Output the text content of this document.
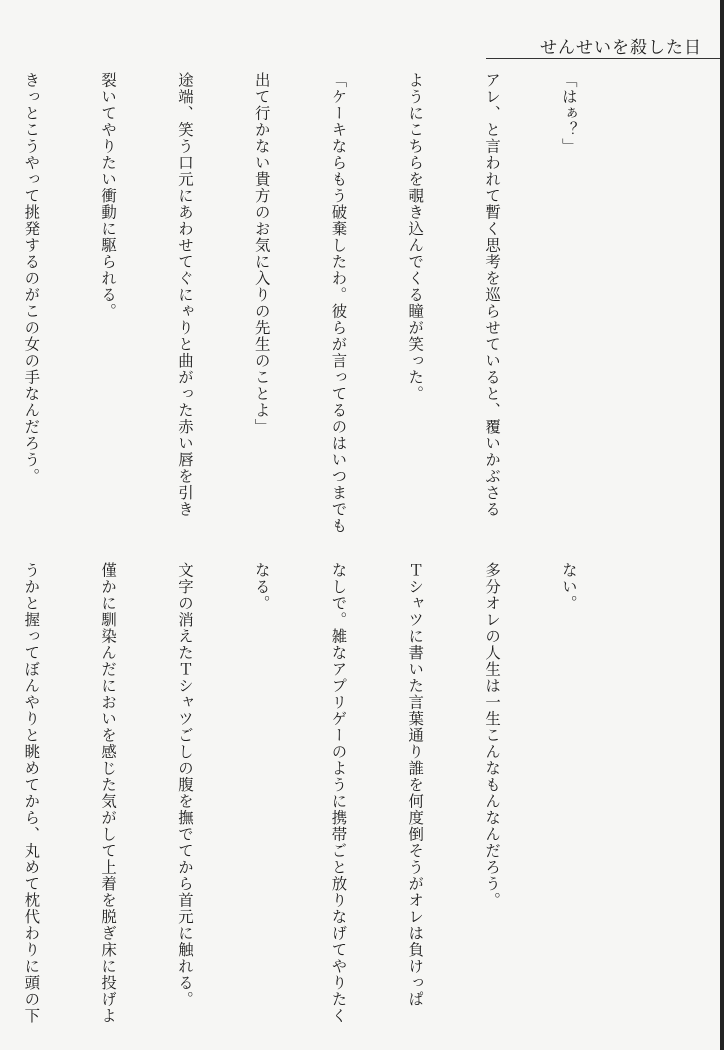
せんせいを殺した日

「はぁ？」

アレ、と言われて暫く思考を巡らせていると、覆いかぶさる

ようにこちらを覗き込んでくる瞳が笑った。

「ケーキならもう破棄したわ。彼らが言ってるのはいつまでも

出て行かない貴方のお気に入りの先生のことよ」

途端、笑う口元にあわせてぐにゃりと曲がった赤い唇を引き

裂いてやりたい衝動に駆られる。

きっとこうやって挑発するのがこの女の手なんだろう。

ない。

多分オレの人生は一生こんなもんなんだろう。

Ｔシャツに書いた言葉通り誰を何度倒そうがオレは負けっぱ

なしで。雑なアプリゲーのように携帯ごと放りなげてやりたく

なる。

文字の消えたＴシャツごしの腹を撫でてから首元に触れる。

僅かに馴染んだにおいを感じた気がして上着を脱ぎ床に投げよ

うかと握ってぼんやりと眺めてから、丸めて枕代わりに頭の下
